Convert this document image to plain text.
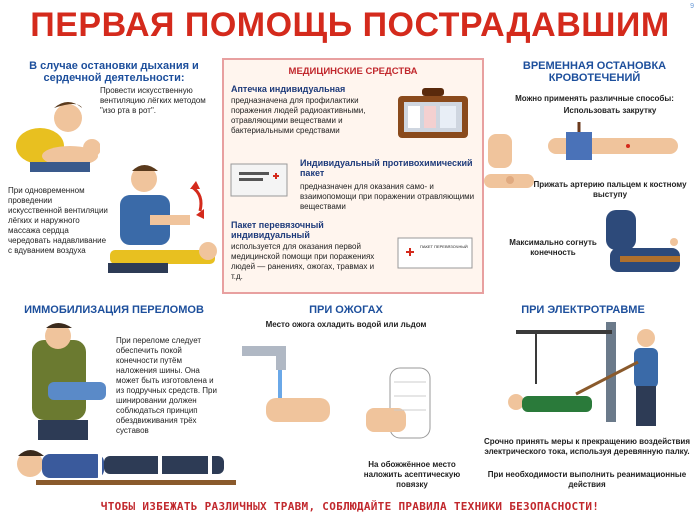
9
ПЕРВАЯ ПОМОЩЬ ПОСТРАДАВШИМ
В случае остановки дыхания и сердечной деятельности:
Провести искусственную вентиляцию лёгких методом "изо рта в рот".
При одновременном проведении искусственной вентиляции лёгких и наружного массажа сердца чередовать надавливание с вдуванием воздуха
МЕДИЦИНСКИЕ СРЕДСТВА
Аптечка индивидуальная
предназначена для профилактики поражения людей радиоактивными, отравляющими веществами и бактериальными средствами
Индивидуальный противохимический пакет
предназначен для оказания само- и взаимопомощи при поражении отравляющими веществами
Пакет перевязочный индивидуальный
используется для оказания первой медицинской помощи при поражениях людей — ранениях, ожогах, травмах и т.д.
ПАКЕТ ПЕРЕВЯЗОЧНЫЙ
ВРЕМЕННАЯ ОСТАНОВКА КРОВОТЕЧЕНИЙ
Можно применять различные способы:
Использовать закрутку
Прижать артерию пальцем к костному выступу
Максимально согнуть конечность
ИММОБИЛИЗАЦИЯ ПЕРЕЛОМОВ
При переломе следует обеспечить покой конечности путём наложения шины. Она может быть изготовлена и из подручных средств. При шинировании должен соблюдаться принцип обездвиживания трёх суставов
ПРИ ОЖОГАХ
Место ожога охладить водой или льдом
На обожжённое место наложить асептическую повязку
ПРИ ЭЛЕКТРОТРАВМЕ
Срочно принять меры к прекращению воздействия электрического тока, используя деревянную палку.
При необходимости выполнить реанимационные действия
ЧТОБЫ ИЗБЕЖАТЬ РАЗЛИЧНЫХ ТРАВМ, СОБЛЮДАЙТЕ ПРАВИЛА ТЕХНИКИ БЕЗОПАСНОСТИ!
